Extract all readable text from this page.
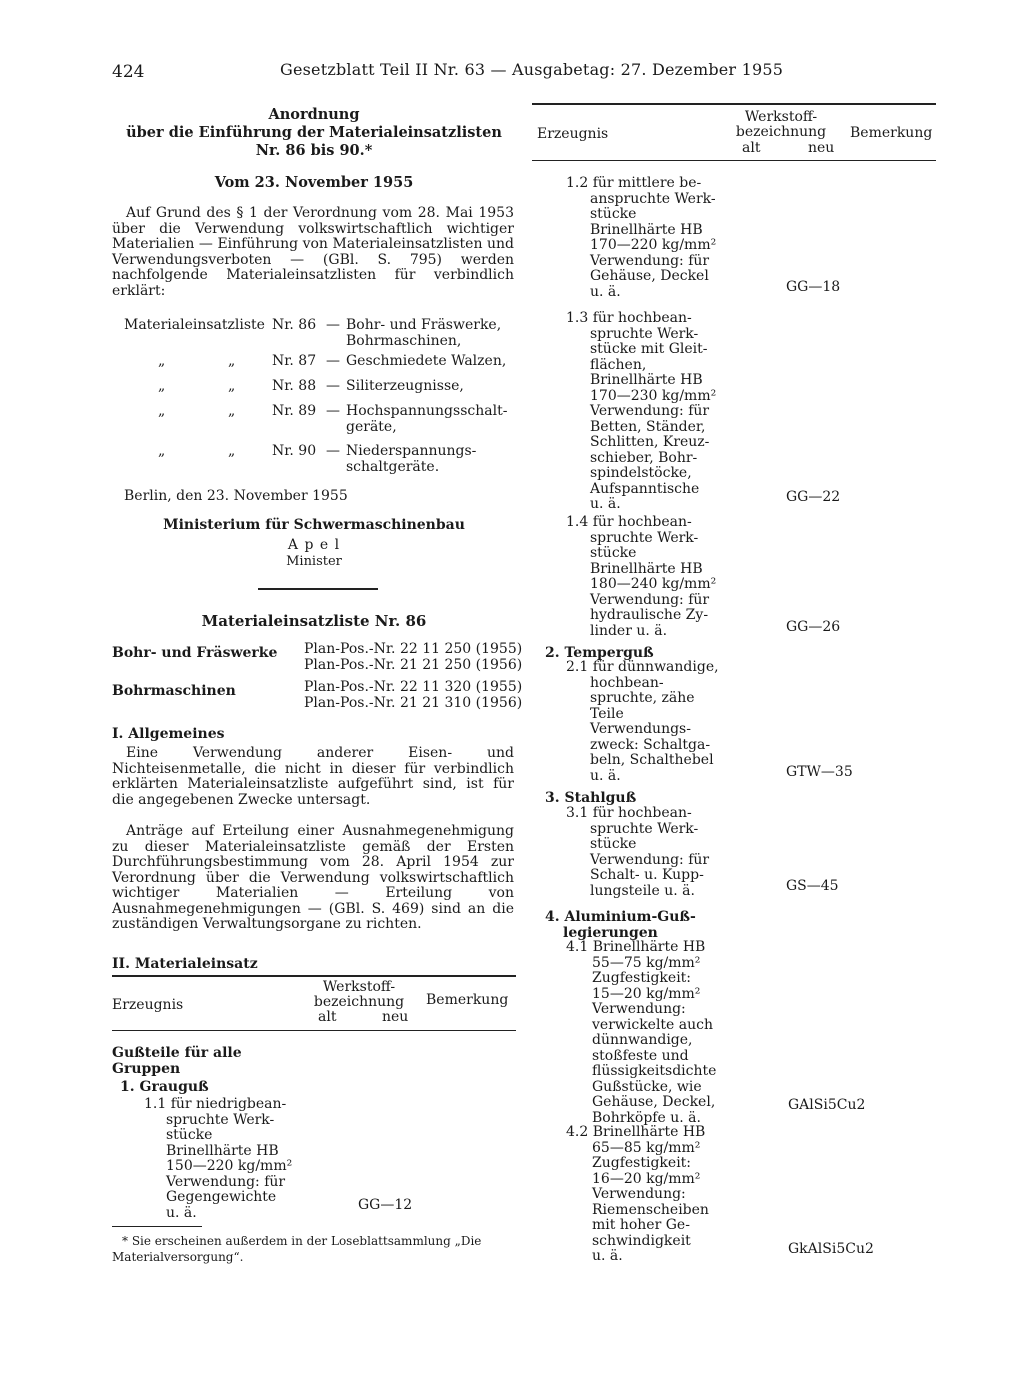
424	Gesetzblatt Teil II Nr. 63 — Ausgabetag: 27. Dezember 1955
Anordnung
über die Einführung der Materialeinsatzlisten
Nr. 86 bis 90.*
Vom 23. November 1955
Auf Grund des § 1 der Verordnung vom 28. Mai 1953 über die Verwendung volkswirtschaftlich wichtiger Materialien — Einführung von Materialeinsatzlisten und Verwendungsverboten — (GBl. S. 795) werden nachfolgende Materialeinsatzlisten für verbindlich erklärt:
Materialeinsatzliste Nr. 86 — Bohr- und Fräswerke,
Bohrmaschinen,
„	„	Nr. 87 — Geschmiedete Walzen,
„	„	Nr. 88 — Siliterzeugnisse,
„	„	Nr. 89 — Hochspannungsschalt-
geräte,
„	„	Nr. 90 — Niederspannungs-
schaltgeräte.
Berlin, den 23. November 1955
Ministerium für Schwermaschinenbau
A p e l
Minister
Materialeinsatzliste Nr. 86
Bohr- und Fräswerke Plan-Pos.-Nr. 22 11 250 (1955)
Plan-Pos.-Nr. 21 21 250 (1956)
Bohrmaschinen	Plan-Pos.-Nr. 22 11 320 (1955)
Plan-Pos.-Nr. 21 21 310 (1956)
I. Allgemeines
Eine Verwendung anderer Eisen- und Nichteisenmetalle, die nicht in dieser für verbindlich erklärten Materialeinsatzliste aufgeführt sind, ist für die angegebenen Zwecke untersagt.
Anträge auf Erteilung einer Ausnahmegenehmigung zu dieser Materialeinsatzliste gemäß der Ersten Durchführungsbestimmung vom 28. April 1954 zur Verordnung über die Verwendung volkswirtschaftlich wichtiger Materialien — Erteilung von Ausnahmegenehmigungen — (GBl. S. 469) sind an die zuständigen Verwaltungsorgane zu richten.
II. Materialeinsatz
Erzeugnis
Werkstoff-
bezeichnung
alt	neu
Bemerkung
Gußteile für alle
Gruppen
1. Grauguß
1.1 für niedrigbean-
spruchte Werk-
stücke
Brinellhärte HB
150—220 kg/mm²
Verwendung: für
Gegengewichte
u. ä.	GG—12
* Sie erscheinen außerdem in der Loseblattsammlung „Die Materialversorgung“.
Erzeugnis
Werkstoff-
bezeichnung
alt	neu
Bemerkung
1.2 für mittlere be-
anspruchte Werk-
stücke
Brinellhärte HB
170—220 kg/mm²
Verwendung: für
Gehäuse, Deckel
u. ä.	GG—18
1.3 für hochbean-
spruchte Werk-
stücke mit Gleit-
flächen,
Brinellhärte HB
170—230 kg/mm²
Verwendung: für
Betten, Ständer,
Schlitten, Kreuz-
schieber, Bohr-
spindelstöcke,
Aufspanntische
u. ä.	GG—22
1.4 für hochbean-
spruchte Werk-
stücke
Brinellhärte HB
180—240 kg/mm²
Verwendung: für
hydraulische Zy-
linder u. ä.	GG—26
2. Temperguß
2.1 für dünnwandige,
hochbean-
spruchte, zähe
Teile
Verwendungs-
zweck: Schaltga-
beln, Schalthebel
u. ä.	GTW—35
3. Stahlguß
3.1 für hochbean-
spruchte Werk-
stücke
Verwendung: für
Schalt- u. Kupp-
lungsteile u. ä.	GS—45
4. Aluminium-Guß-
legierungen
4.1 Brinellhärte HB
55—75 kg/mm²
Zugfestigkeit:
15—20 kg/mm²
Verwendung:
verwickelte auch
dünnwandige,
stoßfeste und
flüssigkeitsdichte
Gußstücke, wie
Gehäuse, Deckel,
Bohrköpfe u. ä.
GAlSi5Cu2
4.2 Brinellhärte HB
65—85 kg/mm²
Zugfestigkeit:
16—20 kg/mm²
Verwendung:
Riemenscheiben
mit hoher Ge-
schwindigkeit
u. ä.	GkAlSi5Cu2
